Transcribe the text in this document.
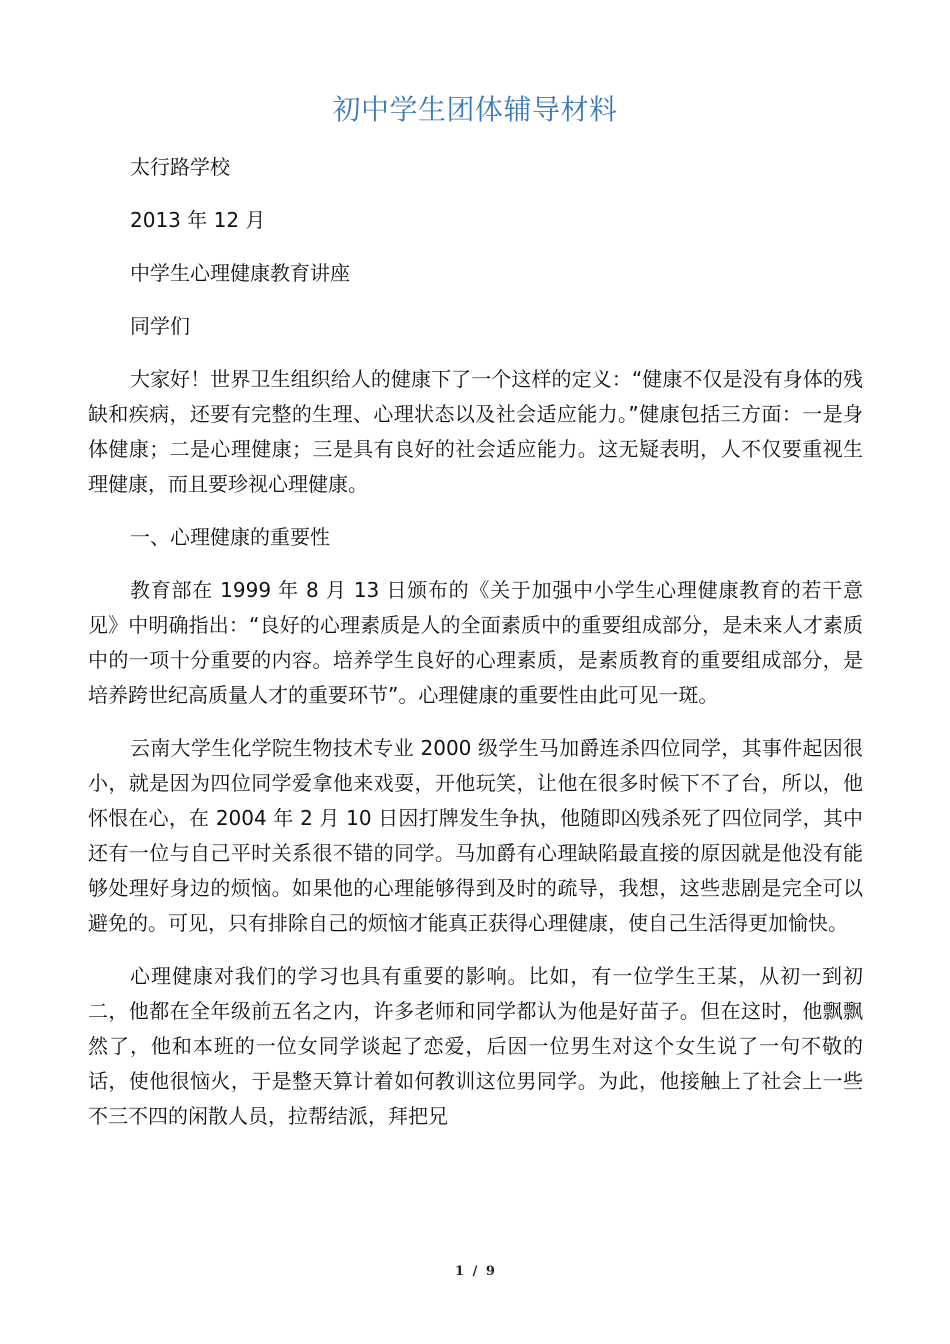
初中学生团体辅导材料

太行路学校

2013 年 12 月

中学生心理健康教育讲座

同学们

大家好！世界卫生组织给人的健康下了一个这样的定义：“健康不仅是没有身体的残缺和疾病，还要有完整的生理、心理状态以及社会适应能力。”健康包括三方面：一是身体健康；二是心理健康；三是具有良好的社会适应能力。这无疑表明，人不仅要重视生理健康，而且要珍视心理健康。

一、心理健康的重要性

教育部在 1999 年 8 月 13 日颁布的《关于加强中小学生心理健康教育的若干意见》中明确指出：“良好的心理素质是人的全面素质中的重要组成部分，是未来人才素质中的一项十分重要的内容。培养学生良好的心理素质，是素质教育的重要组成部分，是培养跨世纪高质量人才的重要环节”。心理健康的重要性由此可见一斑。

云南大学生化学院生物技术专业 2000 级学生马加爵连杀四位同学，其事件起因很小，就是因为四位同学爱拿他来戏耍，开他玩笑，让他在很多时候下不了台，所以，他怀恨在心，在 2004 年 2 月 10 日因打牌发生争执，他随即凶残杀死了四位同学，其中还有一位与自己平时关系很不错的同学。马加爵有心理缺陷最直接的原因就是他没有能够处理好身边的烦恼。如果他的心理能够得到及时的疏导，我想，这些悲剧是完全可以避免的。可见，只有排除自己的烦恼才能真正获得心理健康，使自己生活得更加愉快。

心理健康对我们的学习也具有重要的影响。比如，有一位学生王某，从初一到初二，他都在全年级前五名之内，许多老师和同学都认为他是好苗子。但在这时，他飘飘然了，他和本班的一位女同学谈起了恋爱，后因一位男生对这个女生说了一句不敬的话，使他很恼火，于是整天算计着如何教训这位男同学。为此，他接触上了社会上一些不三不四的闲散人员，拉帮结派，拜把兄

1 / 9
